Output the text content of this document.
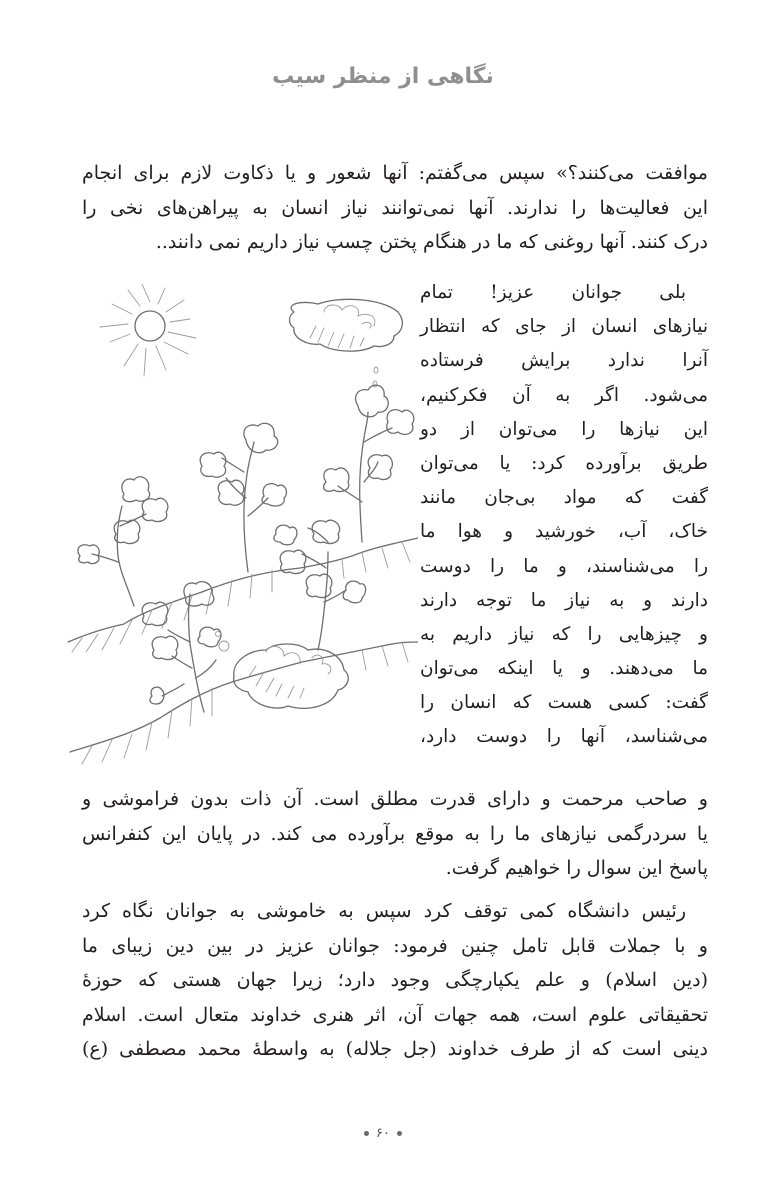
نگاهی از منظر سیب
موافقت می‌کنند؟» سپس می‌گفتم: آنها شعور و یا ذکاوت لازم برای انجام
این فعالیت‌ها را ندارند. آنها نمی‌توانند نیاز انسان به پیراهن‌های نخی را
درک کنند. آنها روغنی که ما در هنگام پختن چسپ نیاز داریم نمی دانند..
بلی جوانان عزیز! تمام
نیازهای انسان از جای که انتظار
آنرا ندارد برایش فرستاده
می‌شود. اگر به آن فکرکنیم،
این نیازها را می‌توان از دو
طریق برآورده کرد: یا می‌توان
گفت که مواد بی‌جان مانند
خاک، آب، خورشید و هوا ما
را می‌شناسند، و ما را دوست
دارند و به نیاز ما توجه دارند
و چیزهایی را که نیاز داریم به
ما می‌دهند. و یا اینکه می‌توان
گفت: کسی هست که انسان را
می‌شناسد، آنها را دوست دارد،
و صاحب مرحمت و دارای قدرت مطلق است. آن ذات بدون فراموشی و
یا سردرگمی نیازهای ما را به موقع برآورده می کند. در پایان این کنفرانس
پاسخ این سوال را خواهیم گرفت.
رئیس دانشگاه کمی توقف کرد سپس به خاموشی به جوانان نگاه کرد
و با جملات قابل تامل چنین فرمود: جوانان عزیز در بین دین زیبای ما
(دین اسلام) و علم یکپارچگی وجود دارد؛ زیرا جهان هستی که حوزهٔ
تحقیقاتی علوم است، همه جهات آن، اثر هنری خداوند متعال است. اسلام
دینی است که از طرف خداوند (جل جلاله) به واسطهٔ محمد مصطفی (ع)
۶۰
